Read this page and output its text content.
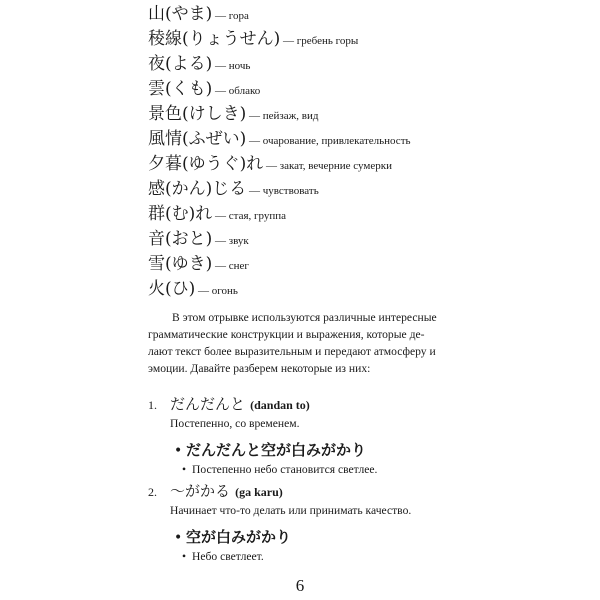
山(やま) — гора
稜線(りょうせん) — гребень горы
夜(よる) — ночь
雲(くも) — облако
景色(けしき) — пейзаж, вид
風情(ふぜい) — очарование, привлекательность
夕暮(ゆうぐ)れ — закат, вечерние сумерки
感(かん)じる — чувствовать
群(む)れ — стая, группа
音(おと) — звук
雪(ゆき) — снег
火(ひ) — огонь
В этом отрывке используются различные интересные
грамматические конструкции и выражения, которые де-
лают текст более выразительным и передают атмосферу и
эмоции. Давайте разберем некоторые из них:
1. だんだんと (dandan to)
Постепенно, со временем.
• だんだんと空が白みがかり
• Постепенно небо становится светлее.
2. 〜がかる (ga karu)
Начинает что-то делать или принимать качество.
• 空が白みがかり
• Небо светлеет.
6
